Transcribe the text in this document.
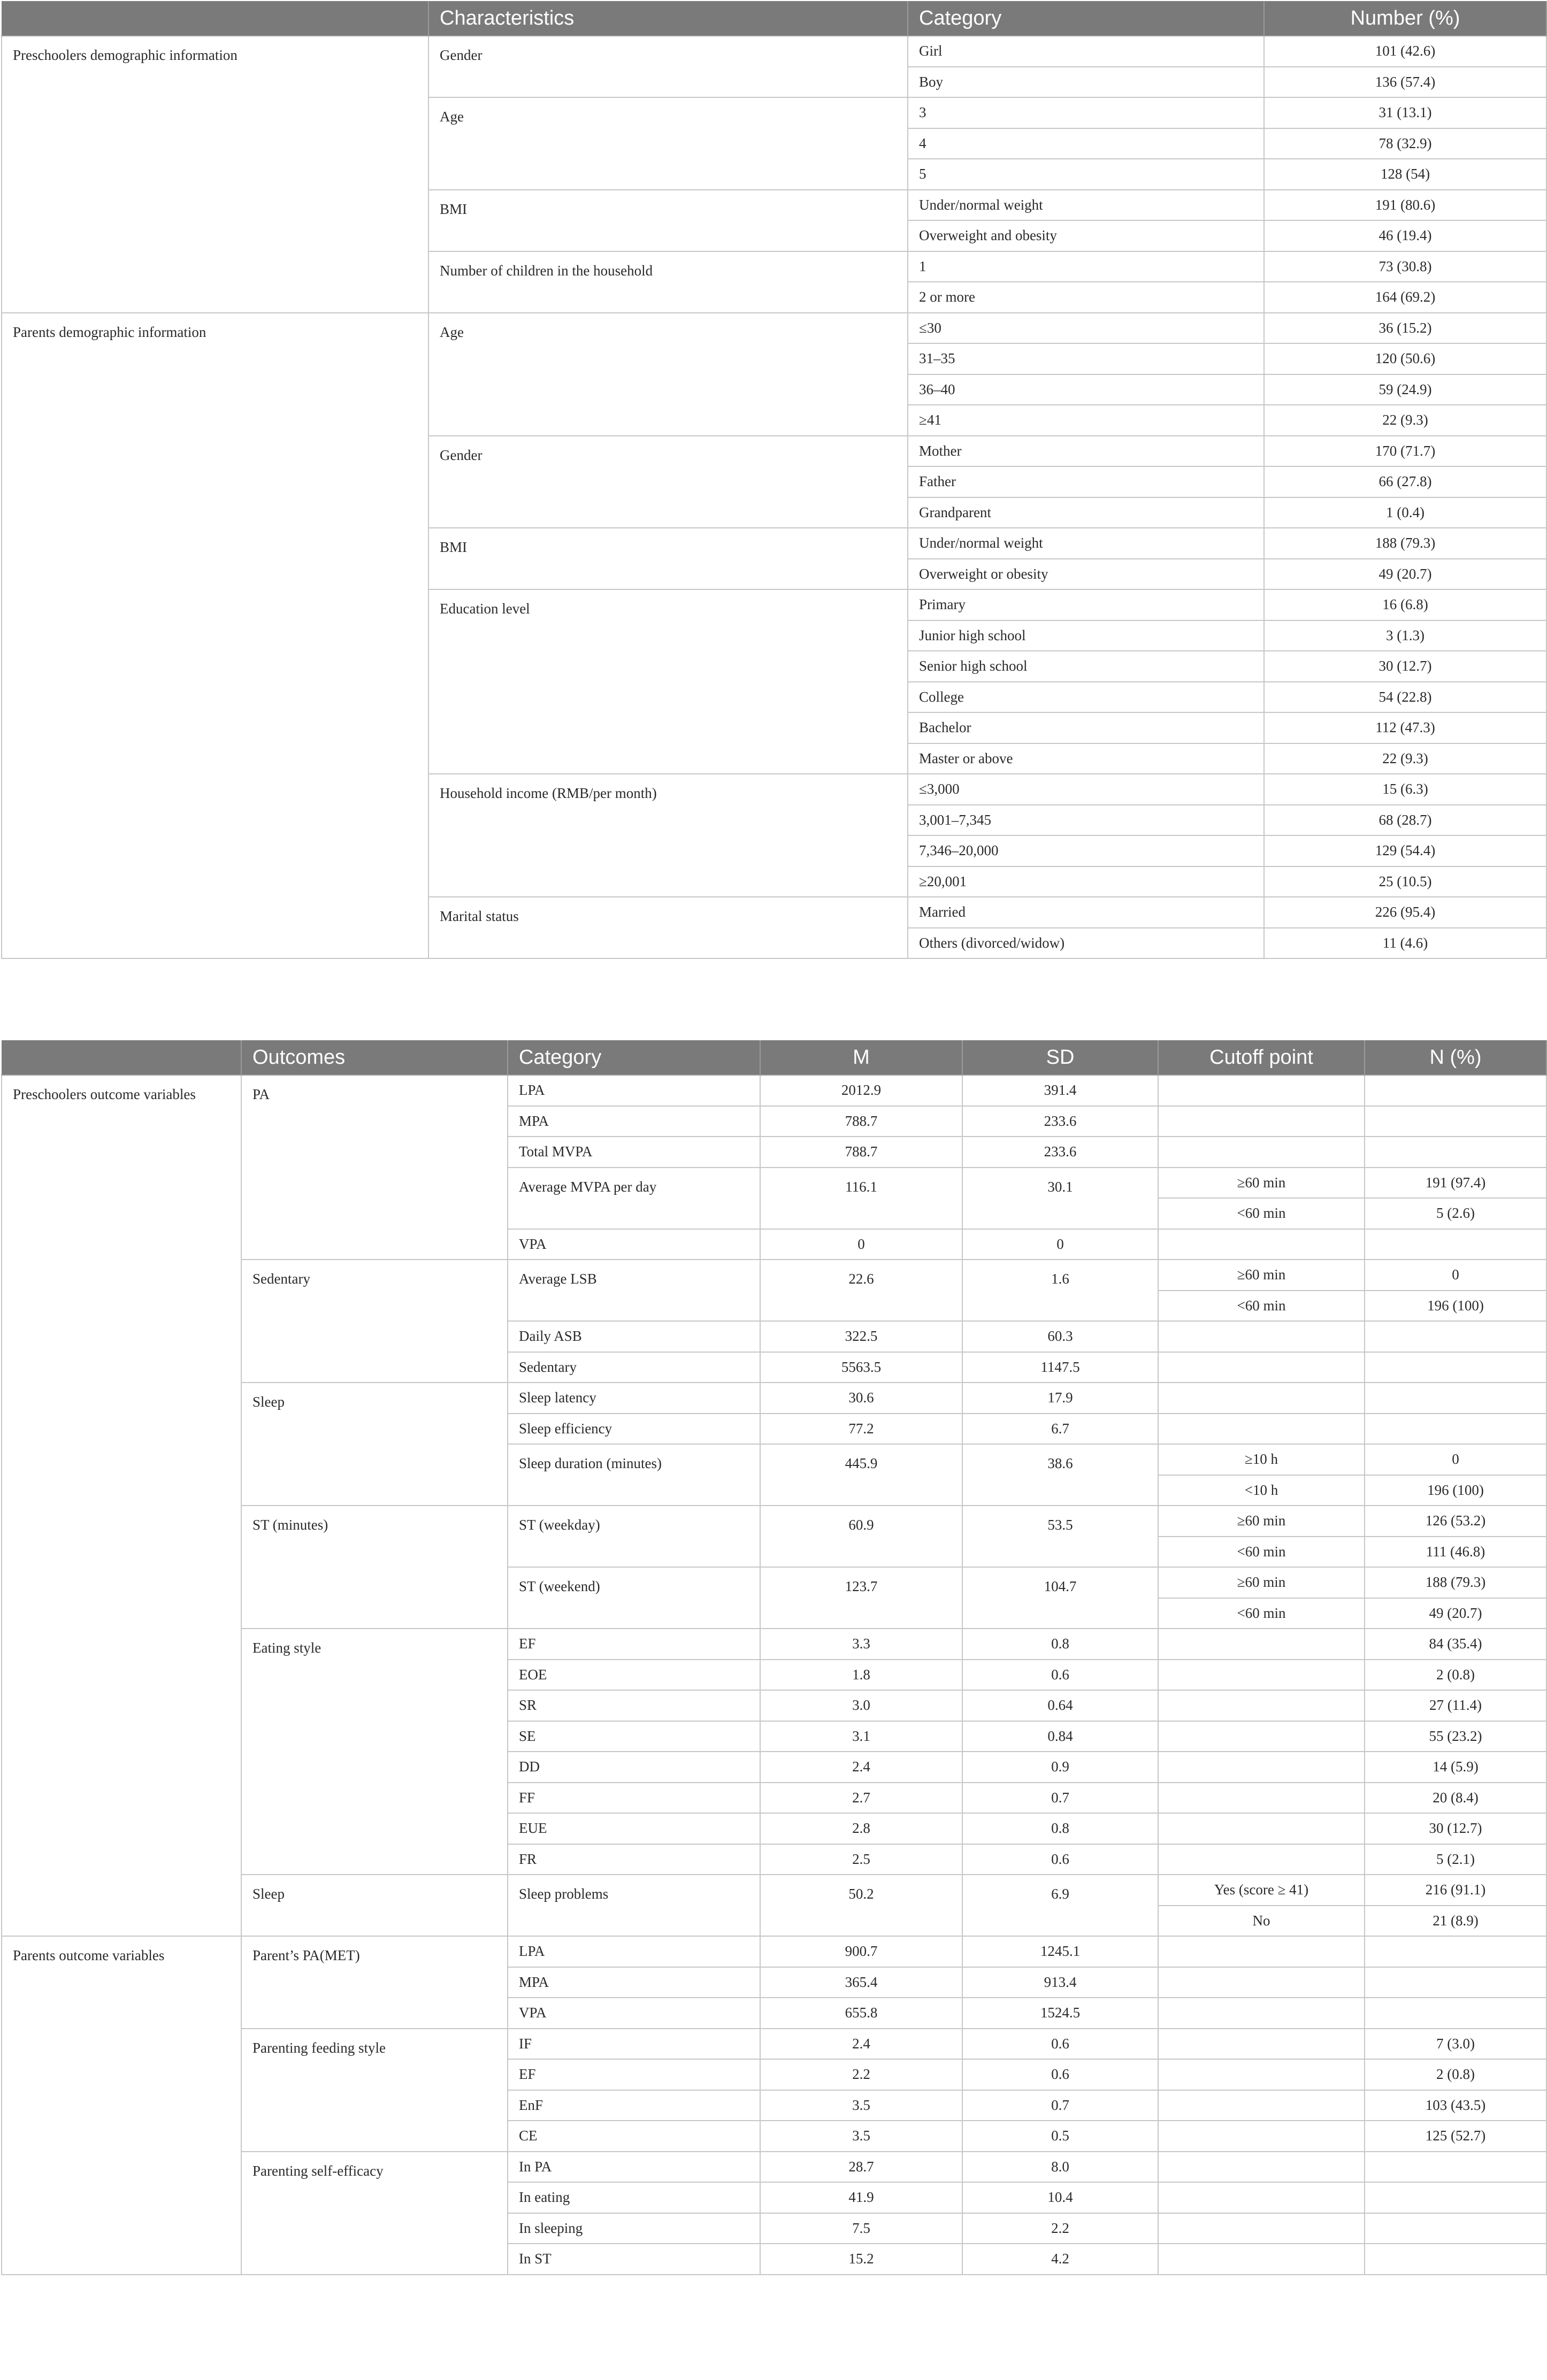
	Characteristics	Category	Number (%)
Preschoolers demographic information	Gender	Girl	101 (42.6)
		Boy	136 (57.4)
	Age	3	31 (13.1)
		4	78 (32.9)
		5	128 (54)
	BMI	Under/normal weight	191 (80.6)
		Overweight and obesity	46 (19.4)
	Number of children in the household	1	73 (30.8)
		2 or more	164 (69.2)
Parents demographic information	Age	≤30	36 (15.2)
		31–35	120 (50.6)
		36–40	59 (24.9)
		≥41	22 (9.3)
	Gender	Mother	170 (71.7)
		Father	66 (27.8)
		Grandparent	1 (0.4)
	BMI	Under/normal weight	188 (79.3)
		Overweight or obesity	49 (20.7)
	Education level	Primary	16 (6.8)
		Junior high school	3 (1.3)
		Senior high school	30 (12.7)
		College	54 (22.8)
		Bachelor	112 (47.3)
		Master or above	22 (9.3)
	Household income (RMB/per month)	≤3,000	15 (6.3)
		3,001–7,345	68 (28.7)
		7,346–20,000	129 (54.4)
		≥20,001	25 (10.5)
	Marital status	Married	226 (95.4)
		Others (divorced/widow)	11 (4.6)
	Outcomes	Category	M	SD	Cutoff point	N (%)
Preschoolers outcome variables	PA	LPA	2012.9	391.4		
		MPA	788.7	233.6		
		Total MVPA	788.7	233.6		
		Average MVPA per day	116.1	30.1	≥60 min	191 (97.4)
					<60 min	5 (2.6)
		VPA	0	0		
	Sedentary	Average LSB	22.6	1.6	≥60 min	0
					<60 min	196 (100)
		Daily ASB	322.5	60.3		
		Sedentary	5563.5	1147.5		
	Sleep	Sleep latency	30.6	17.9		
		Sleep efficiency	77.2	6.7		
		Sleep duration (minutes)	445.9	38.6	≥10 h	0
					<10 h	196 (100)
	ST (minutes)	ST (weekday)	60.9	53.5	≥60 min	126 (53.2)
					<60 min	111 (46.8)
		ST (weekend)	123.7	104.7	≥60 min	188 (79.3)
					<60 min	49 (20.7)
	Eating style	EF	3.3	0.8		84 (35.4)
		EOE	1.8	0.6		2 (0.8)
		SR	3.0	0.64		27 (11.4)
		SE	3.1	0.84		55 (23.2)
		DD	2.4	0.9		14 (5.9)
		FF	2.7	0.7		20 (8.4)
		EUE	2.8	0.8		30 (12.7)
		FR	2.5	0.6		5 (2.1)
	Sleep	Sleep problems	50.2	6.9	Yes (score ≥ 41)	216 (91.1)
					No	21 (8.9)
Parents outcome variables	Parent’s PA(MET)	LPA	900.7	1245.1		
		MPA	365.4	913.4		
		VPA	655.8	1524.5		
	Parenting feeding style	IF	2.4	0.6		7 (3.0)
		EF	2.2	0.6		2 (0.8)
		EnF	3.5	0.7		103 (43.5)
		CE	3.5	0.5		125 (52.7)
	Parenting self-efficacy	In PA	28.7	8.0		
		In eating	41.9	10.4		
		In sleeping	7.5	2.2		
		In ST	15.2	4.2		
